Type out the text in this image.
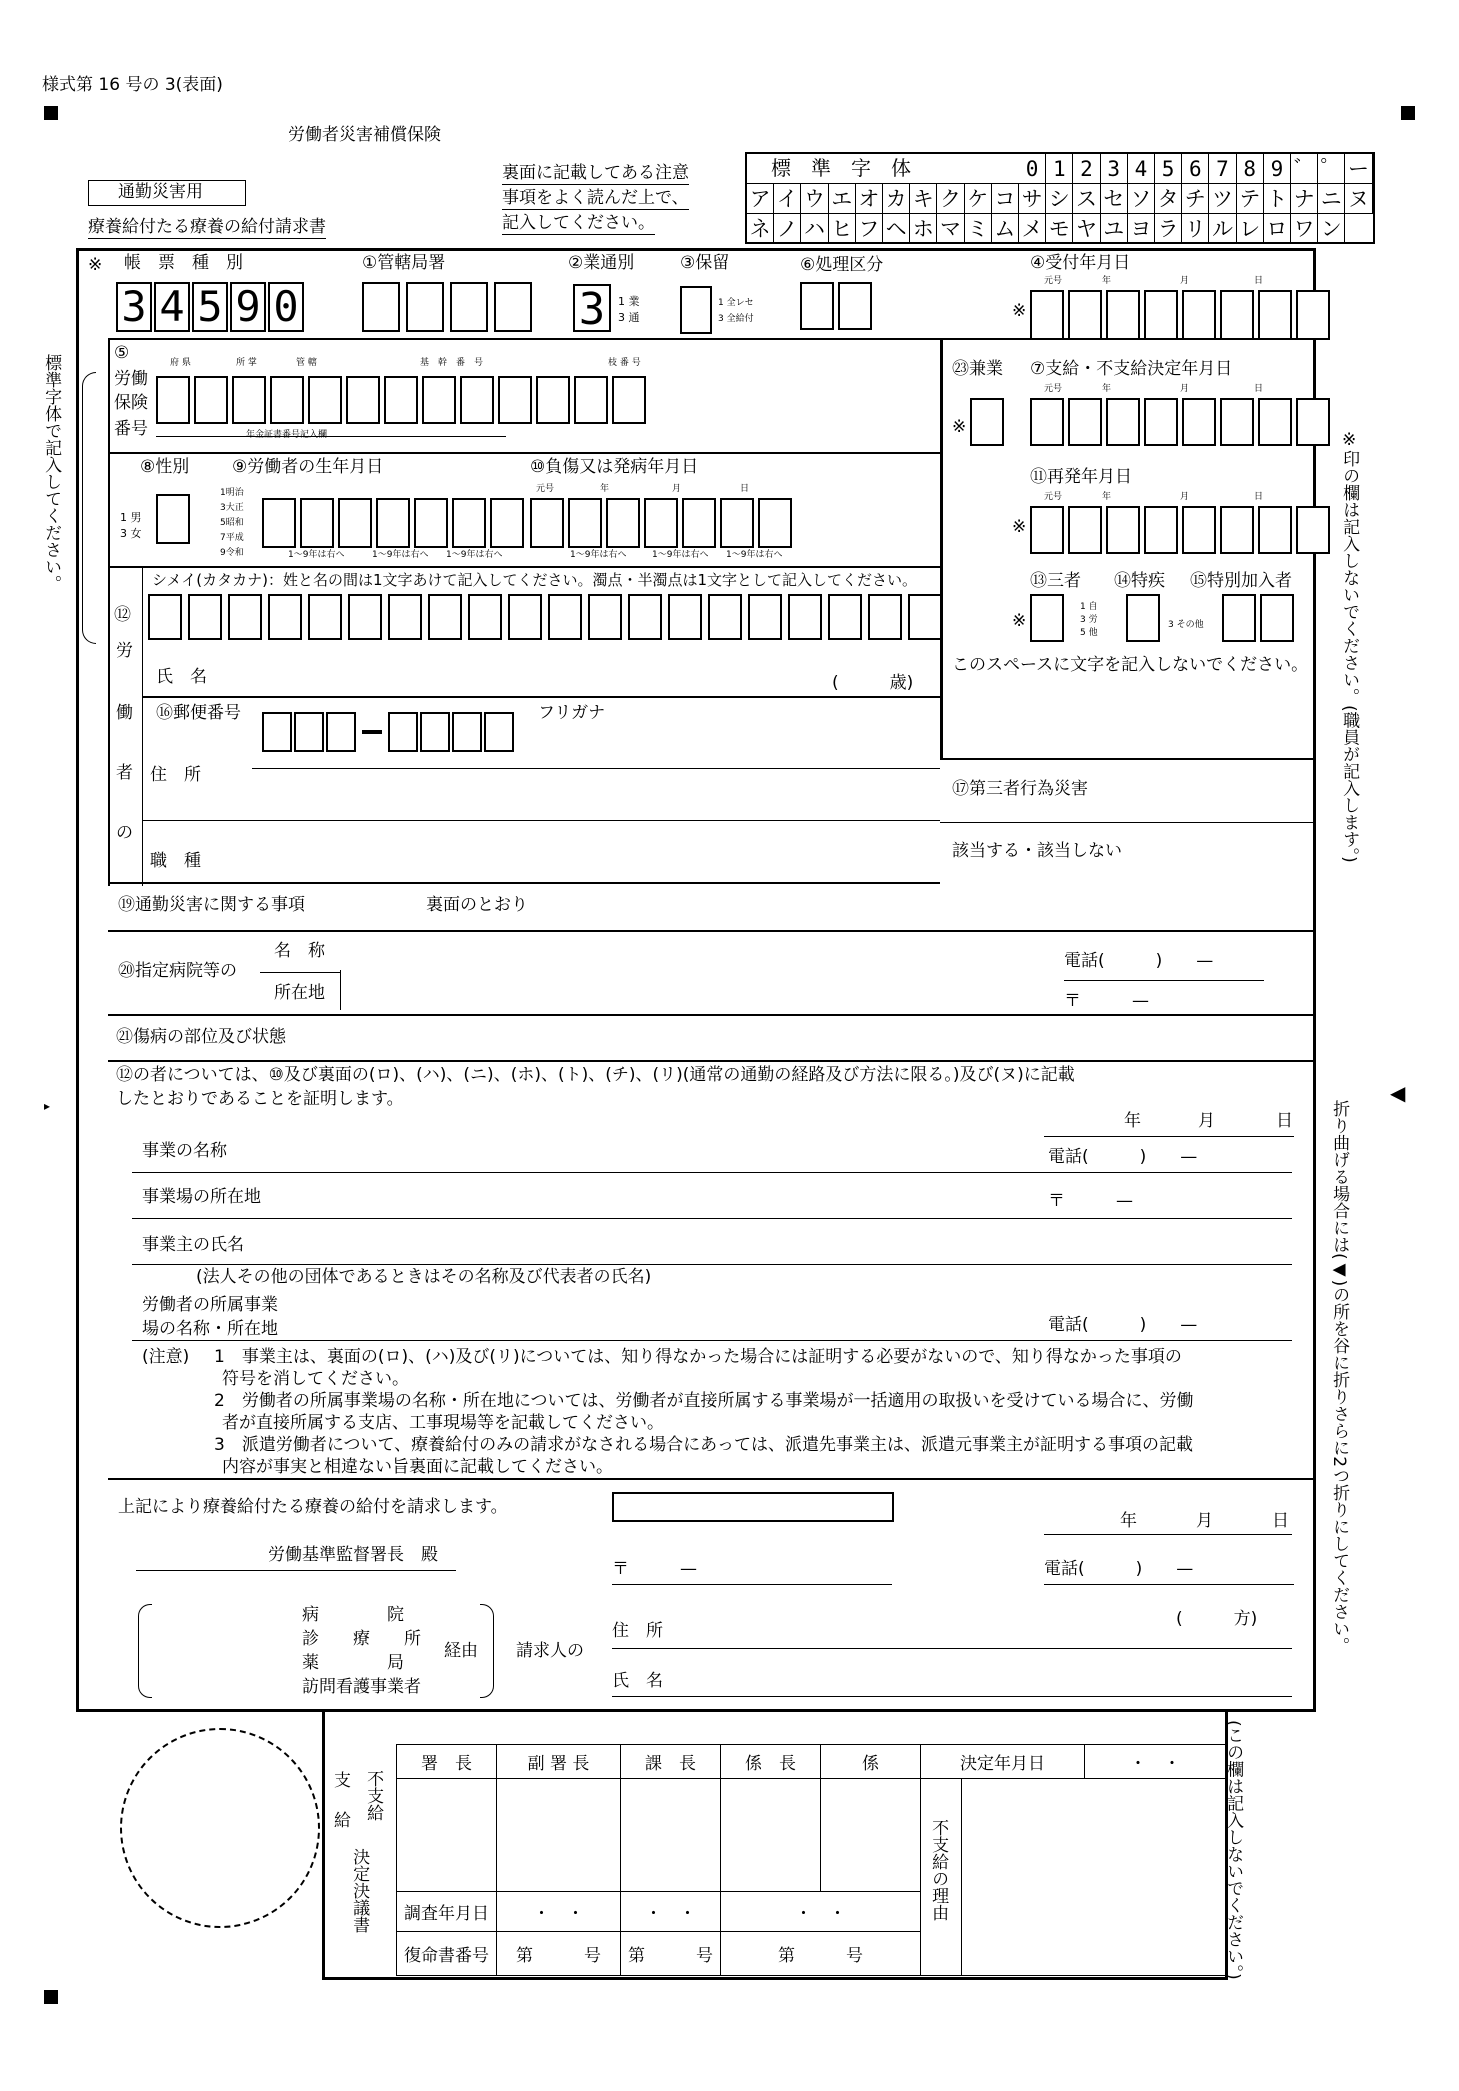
▸
◀
様式第 16 号の 3(表面)
労働者災害補償保険
通勤災害用
療養給付たる療養の給付請求書
裏面に記載してある注意
事項をよく読んだ上で、
記入してください。
標　準　字　体	0 1 2 3 4 5 6 7 8 9 ゛ ゜ ー
ア イ ウ エ オ カ キ ク ケ コ サ シ ス セ ソ タ チ ツ テ ト ナ ニ ヌ
ネ ノ ハ ヒ フ ヘ ホ マ ミ ム メ モ ヤ ユ ヨ ラ リ ル レ ロ ワ ン
標準字体で記入してください。	※印の欄は記入しないでください。(職員が記入します。)
折り曲げる場合には(◀)の所を谷に折りさらに2つ折りにしてください。
(この欄は記入しないでください。)
※ 帳　票　種　別
3 4 5 9 0
①管轄局署	②業通別
3	1 業
3 通
③保留
1 全レセ
3 全給付
⑥処理区分	④受付年月日
元号	年	月	日
※
⑤
労働
保険
番号
府 県	所 掌	管 轄	基　幹　番　号	枝 番 号
年金証書番号記入欄
㉓兼業
※
⑦支給・不支給決定年月日
元号	年	月	日
⑧性別
1 男
3 女
⑨労働者の生年月日
1明治
3大正
5昭和
7平成
9令和	1～9年は右へ	1～9年は右へ 1～9年は右へ
⑩負傷又は発病年月日
元号	年	月	日
1～9年は右へ	1～9年は右へ 1～9年は右へ
⑪再発年月日
元号	年	月	日
※
⑫
労
働
者
の
シメイ(カタカナ)：姓と名の間は1文字あけて記入してください。濁点・半濁点は1文字として記入してください。
氏　名	(　　　歳)
⑯郵便番号	フリガナ
住　所
職　種
⑬三者
※
1 自
3 労
5 他
⑭特疾
3 その他
⑮特別加入者
このスペースに文字を記入しないでください。
⑰第三者行為災害
該当する・該当しない
⑲通勤災害に関する事項	裏面のとおり
⑳指定病院等の
名　称
所在地
電話(　　　)　　—
〒　　　—
㉑傷病の部位及び状態
⑫の者については、⑩及び裏面の(ロ)、(ハ)、(ニ)、(ホ)、(ト)、(チ)、(リ)(通常の通勤の経路及び方法に限る。)及び(ヌ)に記載
したとおりであることを証明します。
年	月	日
事業の名称	電話(　　　)　　—
事業場の所在地	〒　　　—
事業主の氏名
(法人その他の団体であるときはその名称及び代表者の氏名)
労働者の所属事業
場の名称・所在地	電話(　　　)　　—
(注意) 1　事業主は、裏面の(ロ)、(ハ)及び(リ)については、知り得なかった場合には証明する必要がないので、知り得なかった事項の
符号を消してください。
2　労働者の所属事業場の名称・所在地については、労働者が直接所属する事業場が一括適用の取扱いを受けている場合に、労働
者が直接所属する支店、工事現場等を記載してください。
3　派遣労働者について、療養給付のみの請求がなされる場合にあっては、派遣先事業主は、派遣元事業主が証明する事項の記載
内容が事実と相違ない旨裏面に記載してください。
上記により療養給付たる療養の給付を請求します。
年	月	日
労働基準監督署長　殿
〒　　　—	電話(　　　)　　—
病　　　　院
診　　療　　所
薬　　　　局
訪問看護事業者
経由 請求人の
住　所
(　　　方)
氏　名
支
給 不支給
決定決議書
署　長	副 署 長	課　長	係　長	係	決定年月日	・　・

					不支給の理由	

調査年月日	・　・	・　・	・　・			
復命書番号	第　　　 号	第　　　 号	第　　　 号			
